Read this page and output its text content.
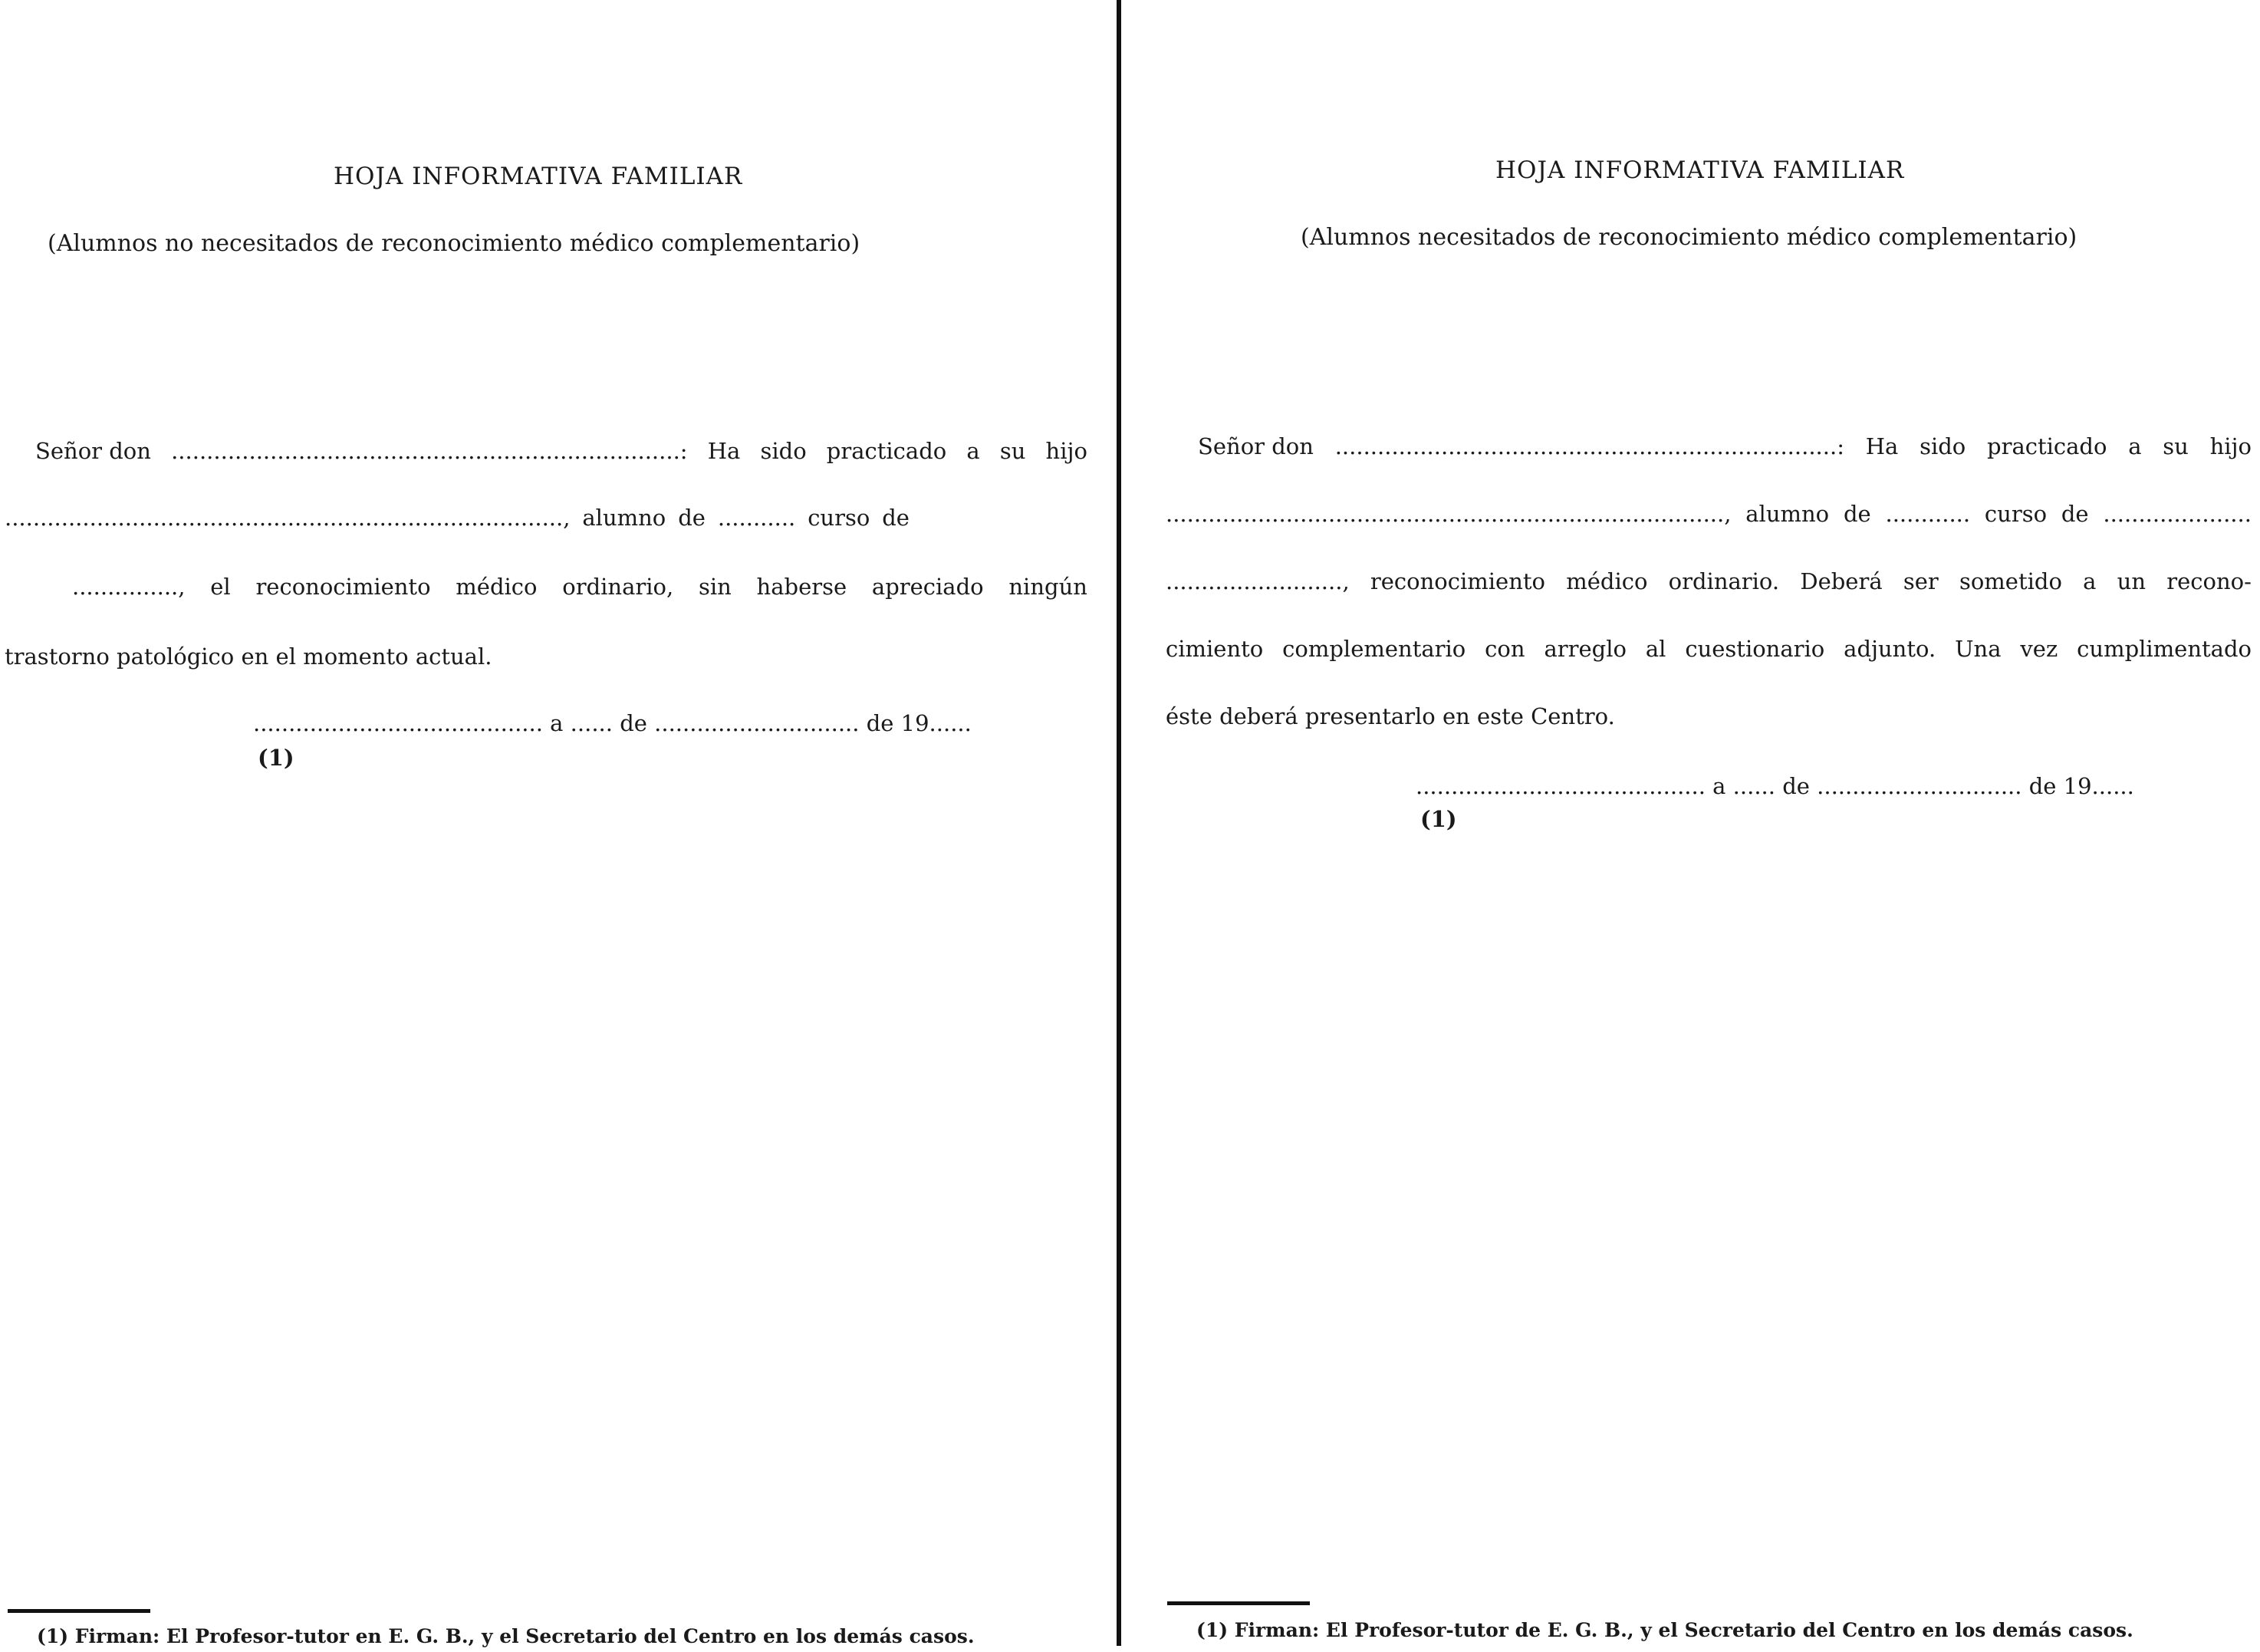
HOJA INFORMATIVA FAMILIAR
(Alumnos no necesitados de reconocimiento médico complementario)
Señor don ........................................................................: Ha sido practicado a su hijo
..............................................................................., alumno de ........... curso de
..............., el reconocimiento médico ordinario, sin haberse apreciado ningún
trastorno patológico en el momento actual.
......................................... a ...... de ............................. de 19......
(1)
(1) Firman: El Profesor-tutor en E. G. B., y el Secretario del Centro en los demás casos.
HOJA INFORMATIVA FAMILIAR
(Alumnos necesitados de reconocimiento médico complementario)
Señor don .......................................................................: Ha sido practicado a su hijo
..............................................................................., alumno de ............ curso de .....................
........................., reconocimiento médico ordinario. Deberá ser sometido a un recono-
cimiento complementario con arreglo al cuestionario adjunto. Una vez cumplimentado
éste deberá presentarlo en este Centro.
......................................... a ...... de ............................. de 19......
(1)
(1) Firman: El Profesor-tutor de E. G. B., y el Secretario del Centro en los demás casos.
